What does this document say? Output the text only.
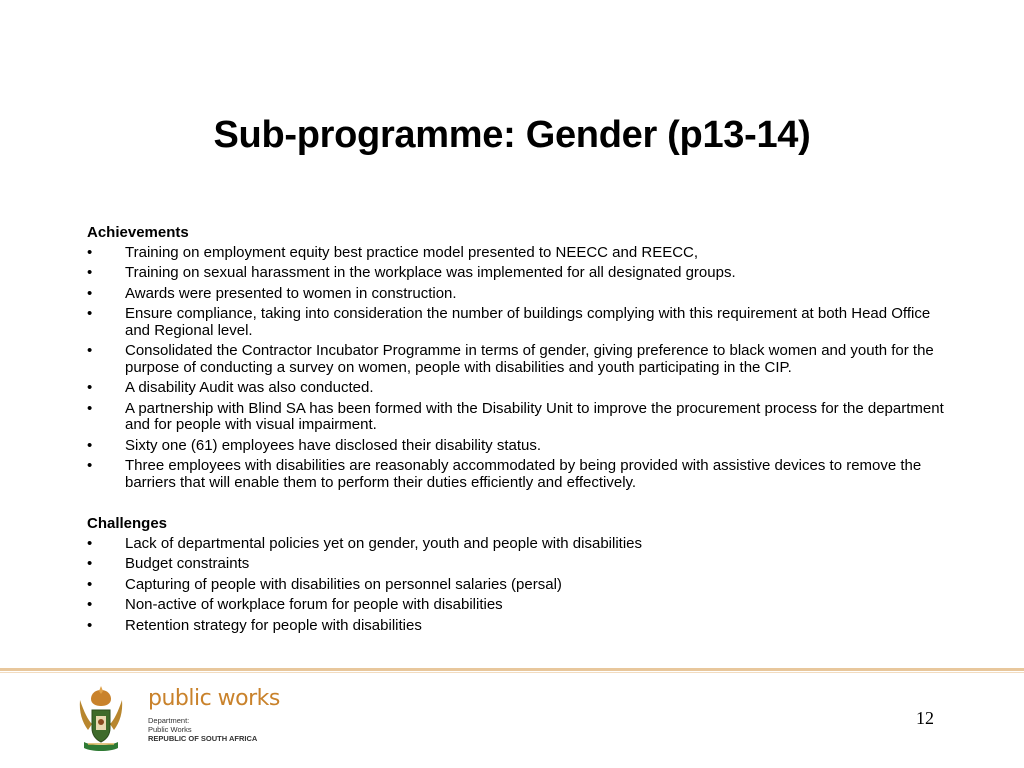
Sub-programme: Gender (p13-14)
Achievements
• Training on employment equity best practice model presented to NEECC and REECC,
• Training on sexual harassment in the workplace was implemented for all designated groups.
• Awards were presented to women in construction.
• Ensure compliance, taking into consideration the number of buildings complying with this requirement at both Head Office and Regional level.
• Consolidated the Contractor Incubator Programme in terms of gender, giving preference to black women and youth for the purpose of conducting a survey on women, people with disabilities and youth participating in the CIP.
• A disability Audit was also conducted.
• A partnership with Blind SA has been formed with the Disability Unit to improve the procurement process for the department and for people with visual impairment.
• Sixty one (61) employees have disclosed their disability status.
• Three employees with disabilities are reasonably accommodated by being provided with assistive devices to remove the barriers that will enable them to perform their duties efficiently and effectively.
Challenges
• Lack of departmental policies yet on gender, youth and people with disabilities
• Budget constraints
• Capturing of people with disabilities on personnel salaries (persal)
• Non-active of workplace forum for people with disabilities
• Retention strategy for people with disabilities
public works
Department:
Public Works
REPUBLIC OF SOUTH AFRICA
12
